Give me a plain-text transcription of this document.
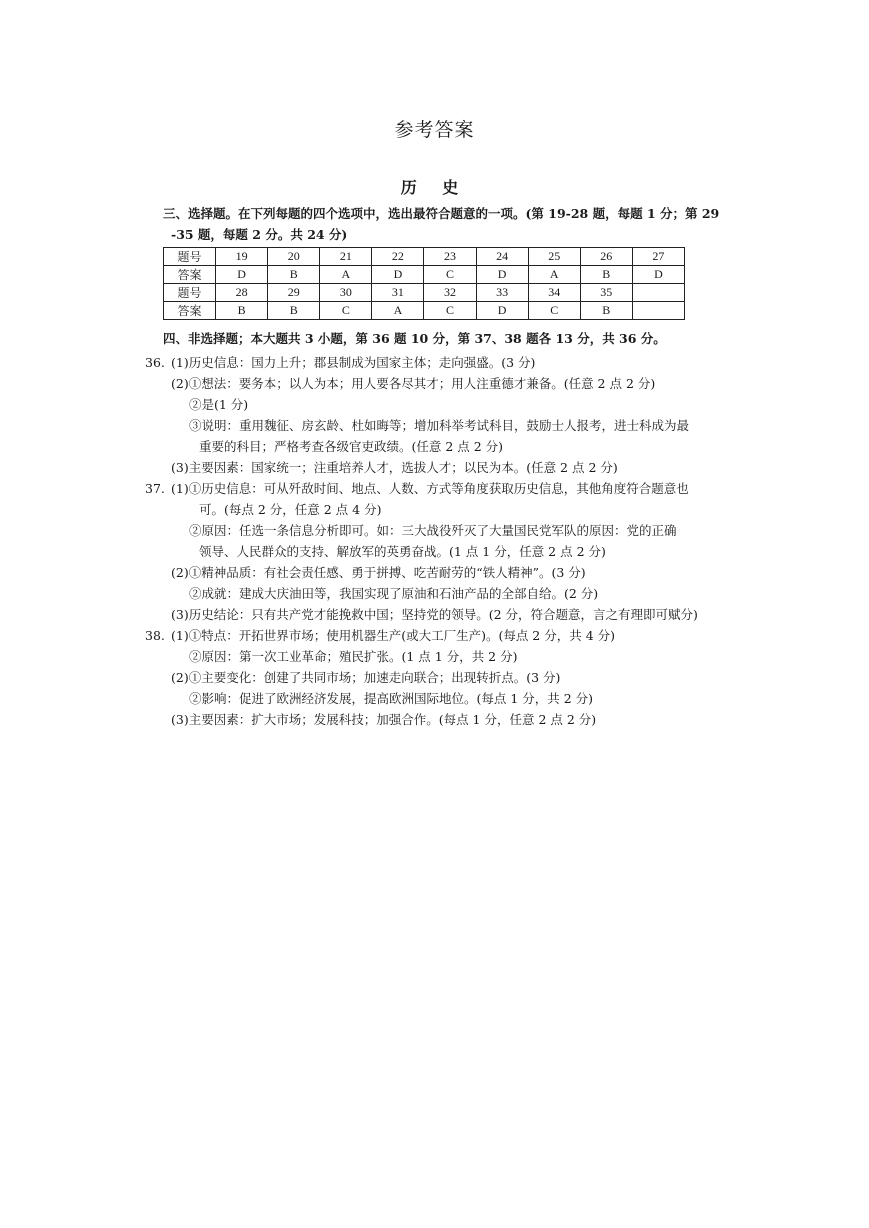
参考答案
历 史
三、选择题。在下列每题的四个选项中，选出最符合题意的一项。(第 19-28 题，每题 1 分；第 29
-35 题，每题 2 分。共 24 分)
题号	19	20	21	22	23	24	25	26	27
答案	D	B	A	D	C	D	A	B	D
题号	28	29	30	31	32	33	34	35	
答案	B	B	C	A	C	D	C	B	
四、非选择题；本大题共 3 小题，第 36 题 10 分，第 37、38 题各 13 分，共 36 分。
36. (1)历史信息：国力上升；郡县制成为国家主体；走向强盛。(3 分)
(2)①想法：要务本；以人为本；用人要各尽其才；用人注重德才兼备。(任意 2 点 2 分)
②是(1 分)
③说明：重用魏征、房玄龄、杜如晦等；增加科举考试科目，鼓励士人报考，进士科成为最
重要的科目；严格考查各级官吏政绩。(任意 2 点 2 分)
(3)主要因素：国家统一；注重培养人才，选拔人才；以民为本。(任意 2 点 2 分)
37. (1)①历史信息：可从歼敌时间、地点、人数、方式等角度获取历史信息，其他角度符合题意也
可。(每点 2 分，任意 2 点 4 分)
②原因：任选一条信息分析即可。如：三大战役歼灭了大量国民党军队的原因：党的正确
领导、人民群众的支持、解放军的英勇奋战。(1 点 1 分，任意 2 点 2 分)
(2)①精神品质：有社会责任感、勇于拼搏、吃苦耐劳的“铁人精神”。(3 分)
②成就：建成大庆油田等，我国实现了原油和石油产品的全部自给。(2 分)
(3)历史结论：只有共产党才能挽救中国；坚持党的领导。(2 分，符合题意，言之有理即可赋分)
38. (1)①特点：开拓世界市场；使用机器生产(或大工厂生产)。(每点 2 分，共 4 分)
②原因：第一次工业革命；殖民扩张。(1 点 1 分，共 2 分)
(2)①主要变化：创建了共同市场；加速走向联合；出现转折点。(3 分)
②影响：促进了欧洲经济发展，提高欧洲国际地位。(每点 1 分，共 2 分)
(3)主要因素：扩大市场；发展科技；加强合作。(每点 1 分，任意 2 点 2 分)
